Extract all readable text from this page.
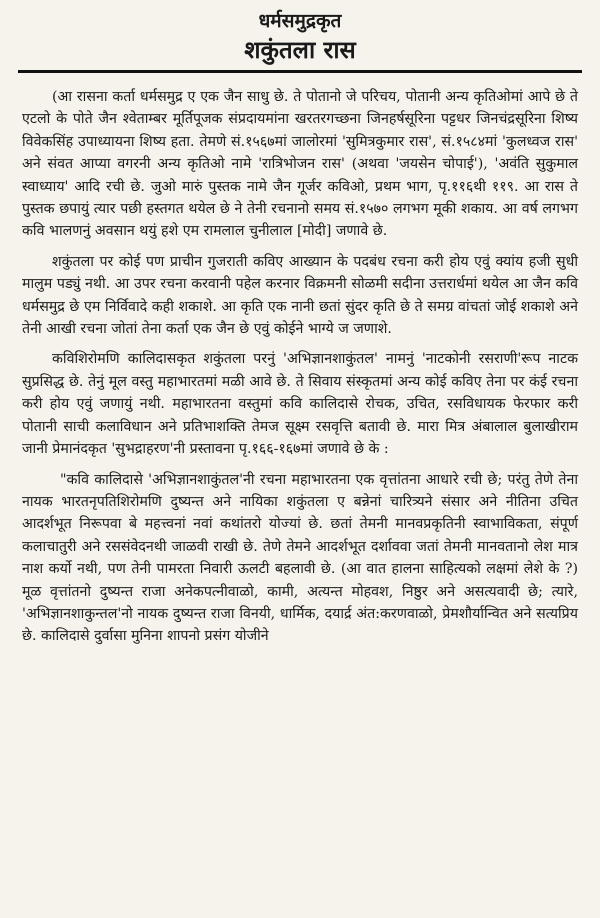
धर्मसमुद्रकृत
शकुंतला रास

(आ रासना कर्ता धर्मसमुद्र ए एक जैन साधु छे. ते पोतानो जे परिचय, पोतानी अन्य कृतिओमां आपे छे ते एटलो के पोते जैन श्वेताम्बर मूर्तिपूजक संप्रदायमांना खरतरगच्छना जिनहर्षसूरिना पट्टधर जिनचंद्रसूरिना शिष्य विवेकसिंह उपाध्यायना शिष्य हता. तेमणे सं.१५६७मां जालोरमां 'सुमित्रकुमार रास', सं.१५८४मां 'कुलध्वज रास' अने संवत आप्या वगरनी अन्य कृतिओ नामे 'रात्रिभोजन रास' (अथवा 'जयसेन चोपाई'), 'अवंति सुकुमाल स्वाध्याय' आदि रची छे. जुओ मारुं पुस्तक नामे जैन गूर्जर कविओ, प्रथम भाग, पृ.११६थी ११९. आ रास ते पुस्तक छपायुं त्यार पछी हस्तगत थयेल छे ने तेनी रचनानो समय सं.१५७० लगभग मूकी शकाय. आ वर्ष लगभग कवि भालणनुं अवसान थयुं हशे एम रामलाल चुनीलाल [मोदी] जणावे छे.

शकुंतला पर कोई पण प्राचीन गुजराती कविए आख्यान के पदबंध रचना करी होय एवुं क्यांय हजी सुधी मालुम पड्युं नथी. आ उपर रचना करवानी पहेल करनार विक्रमनी सोळमी सदीना उत्तरार्धमां थयेल आ जैन कवि धर्मसमुद्र छे एम निर्विवादे कही शकाशे. आ कृति एक नानी छतां सुंदर कृति छे ते समग्र वांचतां जोई शकाशे अने तेनी आखी रचना जोतां तेना कर्ता एक जैन छे एवुं कोईने भाग्ये ज जणाशे.

कविशिरोमणि कालिदासकृत शकुंतला परनुं 'अभिज्ञानशाकुंतल' नामनुं 'नाटकोनी रसराणी'रूप नाटक सुप्रसिद्ध छे. तेनुं मूल वस्तु महाभारतमां मळी आवे छे. ते सिवाय संस्कृतमां अन्य कोई कविए तेना पर कंई रचना करी होय एवुं जणायुं नथी. महाभारतना वस्तुमां कवि कालिदासे रोचक, उचित, रसविधायक फेरफार करी पोतानी साची कलाविधान अने प्रतिभाशक्ति तेमज सूक्ष्म रसवृत्ति बतावी छे. मारा मित्र अंबालाल बुलाखीराम जानी प्रेमानंदकृत 'सुभद्राहरण'नी प्रस्तावना पृ.१६६-१६७मां जणावे छे के :

"कवि कालिदासे 'अभिज्ञानशाकुंतल'नी रचना महाभारतना एक वृत्तांतना आधारे रची छे; परंतु तेणे तेना नायक भारतनृपतिशिरोमणि दुष्यन्त अने नायिका शकुंतला ए बन्नेनां चारित्र्यने संसार अने नीतिना उचित आदर्शभूत निरूपवा बे महत्त्वनां नवां कथांतरो योज्यां छे. छतां तेमनी मानवप्रकृतिनी स्वाभाविकता, संपूर्ण कलाचातुरी अने रससंवेदनथी जाळवी राखी छे. तेणे तेमने आदर्शभूत दर्शाववा जतां तेमनी मानवतानो लेश मात्र नाश कर्यो नथी, पण तेनी पामरता निवारी ऊलटी बहलावी छे. (आ वात हालना साहित्यको लक्षमां लेशे के ?) मूळ वृत्तांतनो दुष्यन्त राजा अनेकपत्नीवाळो, कामी, अत्यन्त मोहवश, निष्ठुर अने असत्यवादी छे; त्यारे, 'अभिज्ञानशाकुन्तल'नो नायक दुष्यन्त राजा विनयी, धार्मिक, दयार्द्र अंत:करणवाळो, प्रेमशौर्यान्वित अने सत्यप्रिय छे. कालिदासे दुर्वासा मुनिना शापनो प्रसंग योजीने
